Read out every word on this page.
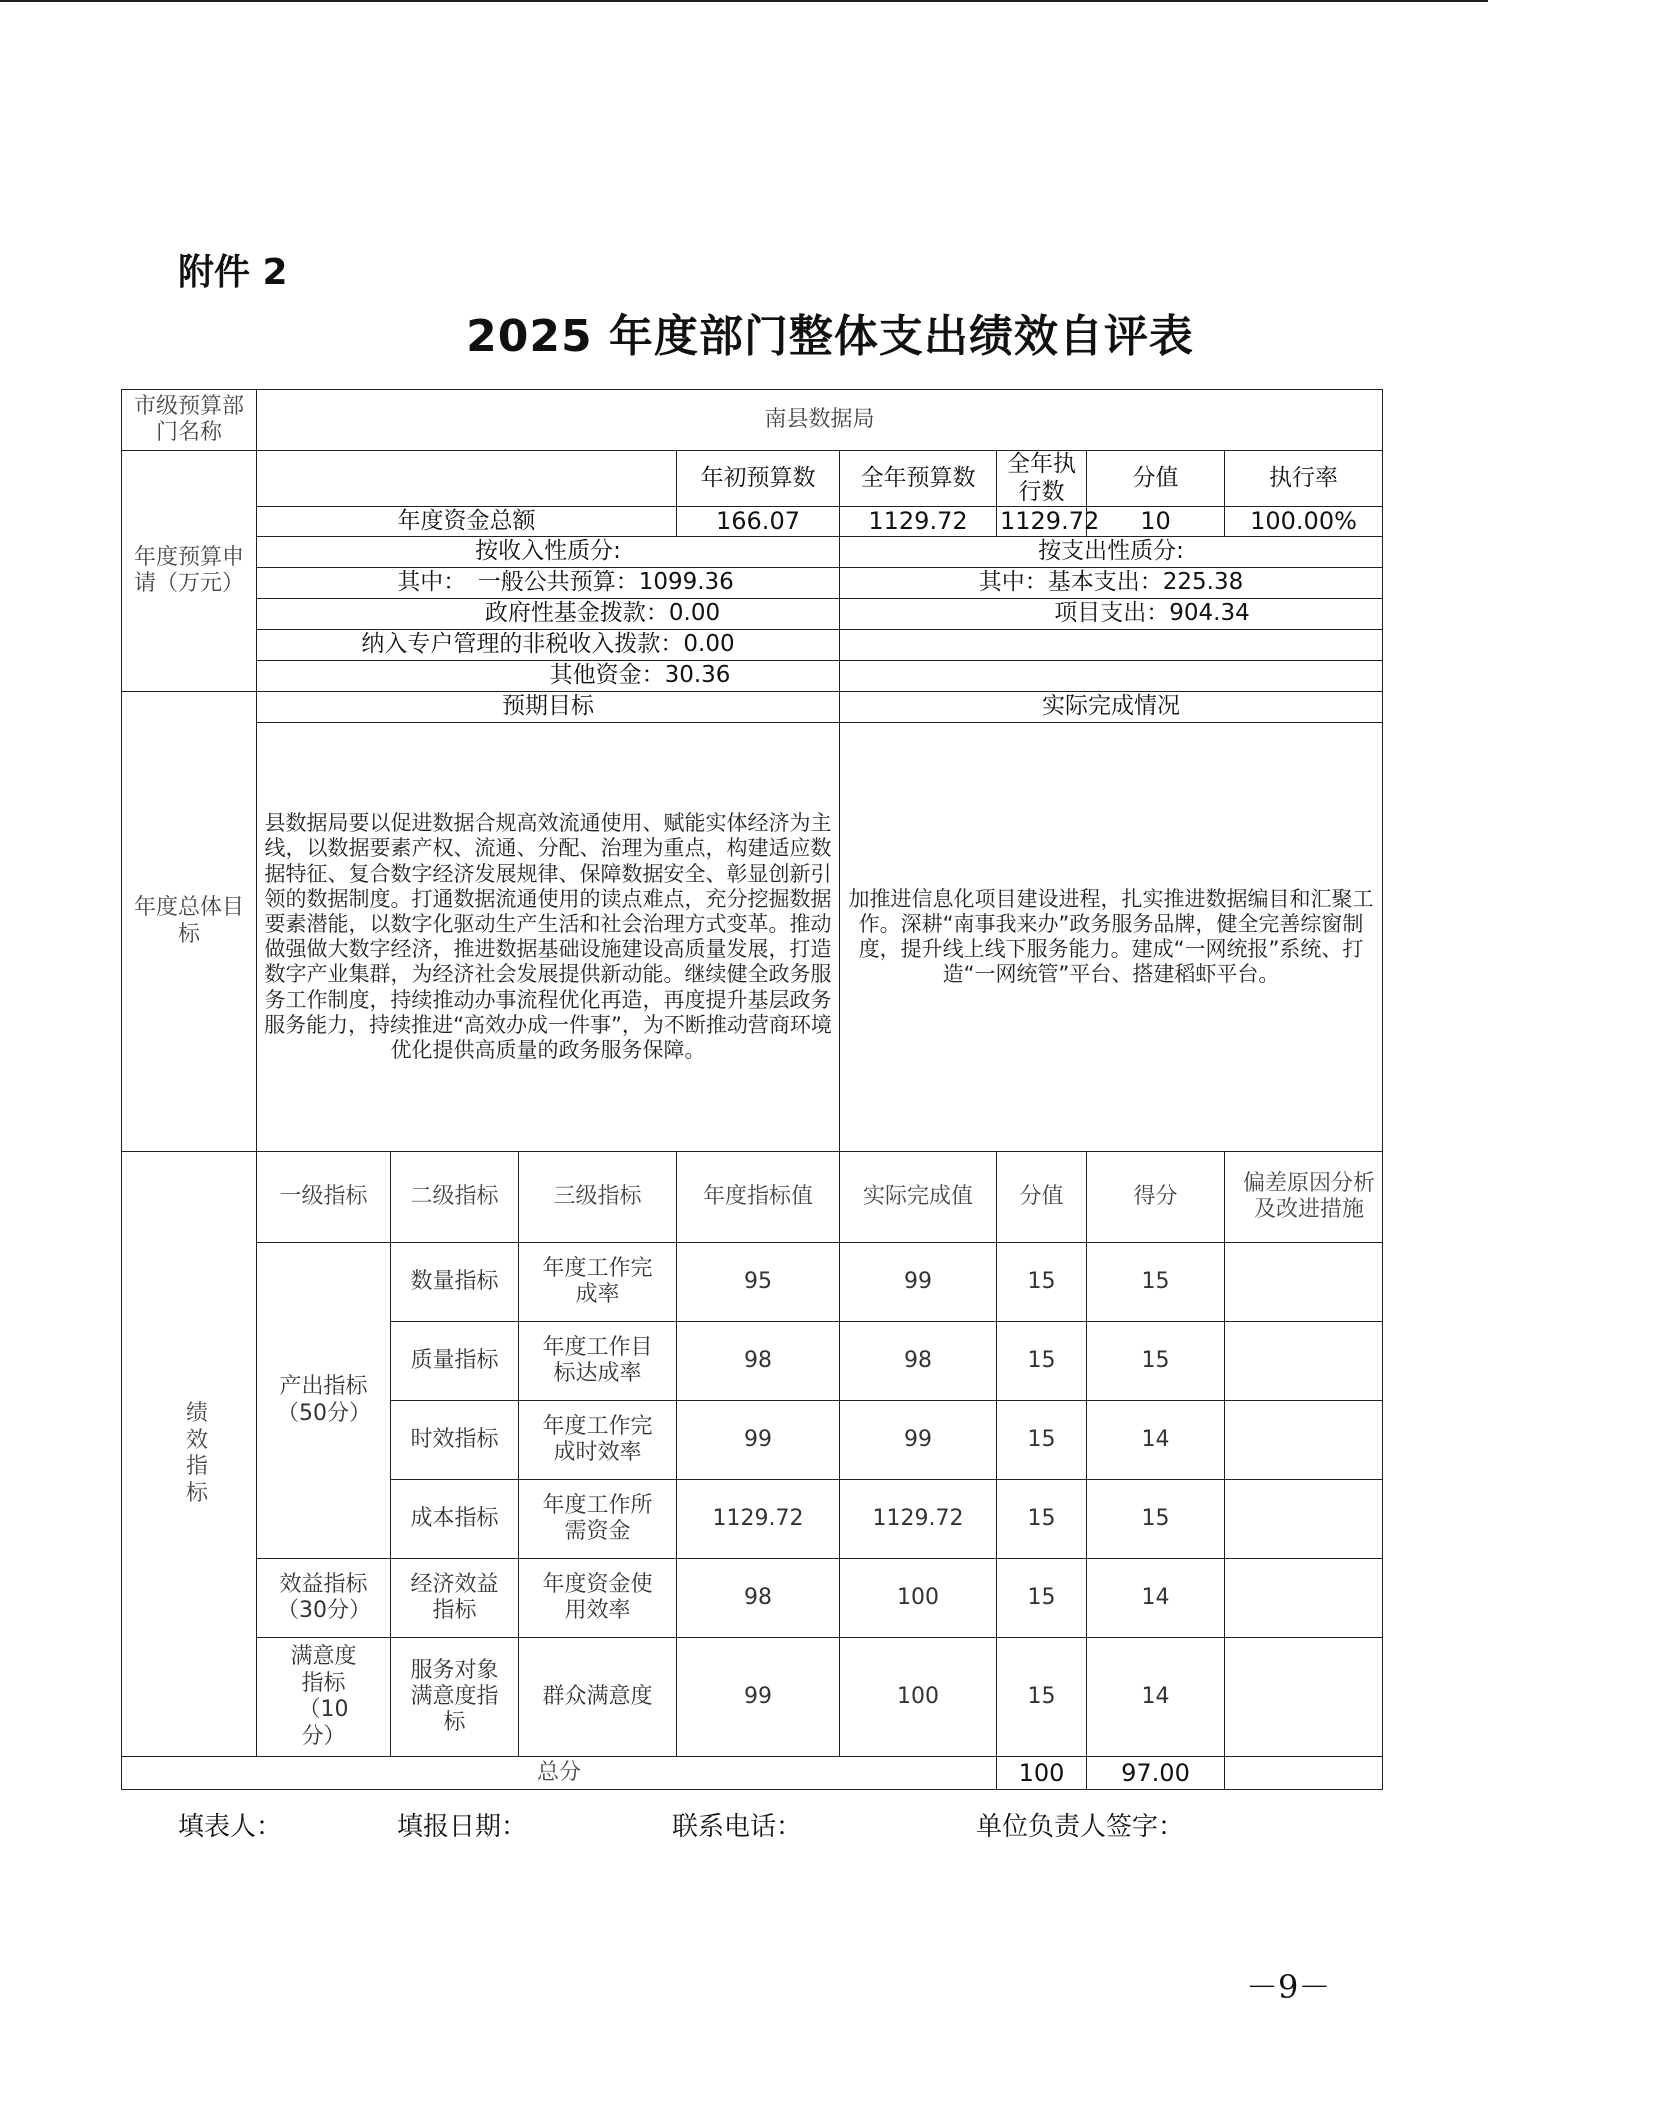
附件 2
2025 年度部门整体支出绩效自评表
市级预算部门名称	南县数据局								
年度预算申请（万元）				年初预算数	全年预算数	全年执行数	分值	执行率	
	年度资金总额			166.07	1129.72	1129.72	10	100.00%	
	按收入性质分:				按支出性质分:				
	其中：　一般公共预算：1099.36				其中：基本支出：225.38				
	政府性基金拨款：0.00				项目支出：904.34				
	纳入专户管理的非税收入拨款：0.00								
	其他资金：30.36								
年度总体目标	预期目标				实际完成情况				
	县数据局要以促进数据合规高效流通使用、赋能实体经济为主线，以数据要素产权、流通、分配、治理为重点，构建适应数据特征、复合数字经济发展规律、保障数据安全、彰显创新引领的数据制度。打通数据流通使用的读点难点，充分挖掘数据要素潜能，以数字化驱动生产生活和社会治理方式变革。推动做强做大数字经济，推进数据基础设施建设高质量发展，打造数字产业集群，为经济社会发展提供新动能。继续健全政务服务工作制度，持续推动办事流程优化再造，再度提升基层政务服务能力，持续推进“高效办成一件事”，为不断推动营商环境优化提供高质量的政务服务保障。				加推进信息化项目建设进程，扎实推进数据编目和汇聚工作。深耕“南事我来办”政务服务品牌，健全完善综窗制度，提升线上线下服务能力。建成“一网统报”系统、打造“一网统管”平台、搭建稻虾平台。				
绩效指标	一级指标	二级指标	三级指标	年度指标值	实际完成值	分值	得分	偏差原因分析及改进措施	
	产出指标（50分）	数量指标	年度工作完成率	95	99	15	15		
		质量指标	年度工作目标达成率	98	98	15	15		
		时效指标	年度工作完成时效率	99	99	15	14		
		成本指标	年度工作所需资金	1129.72	1129.72	15	15		
	效益指标（30分）	经济效益指标	年度资金使用效率	98	100	15	14		
	满意度指标（10分）	服务对象满意度指标	群众满意度	99	100	15	14		
总分						100	97.00		
填表人：	填报日期：	联系电话：	单位负责人签字：
－9－
